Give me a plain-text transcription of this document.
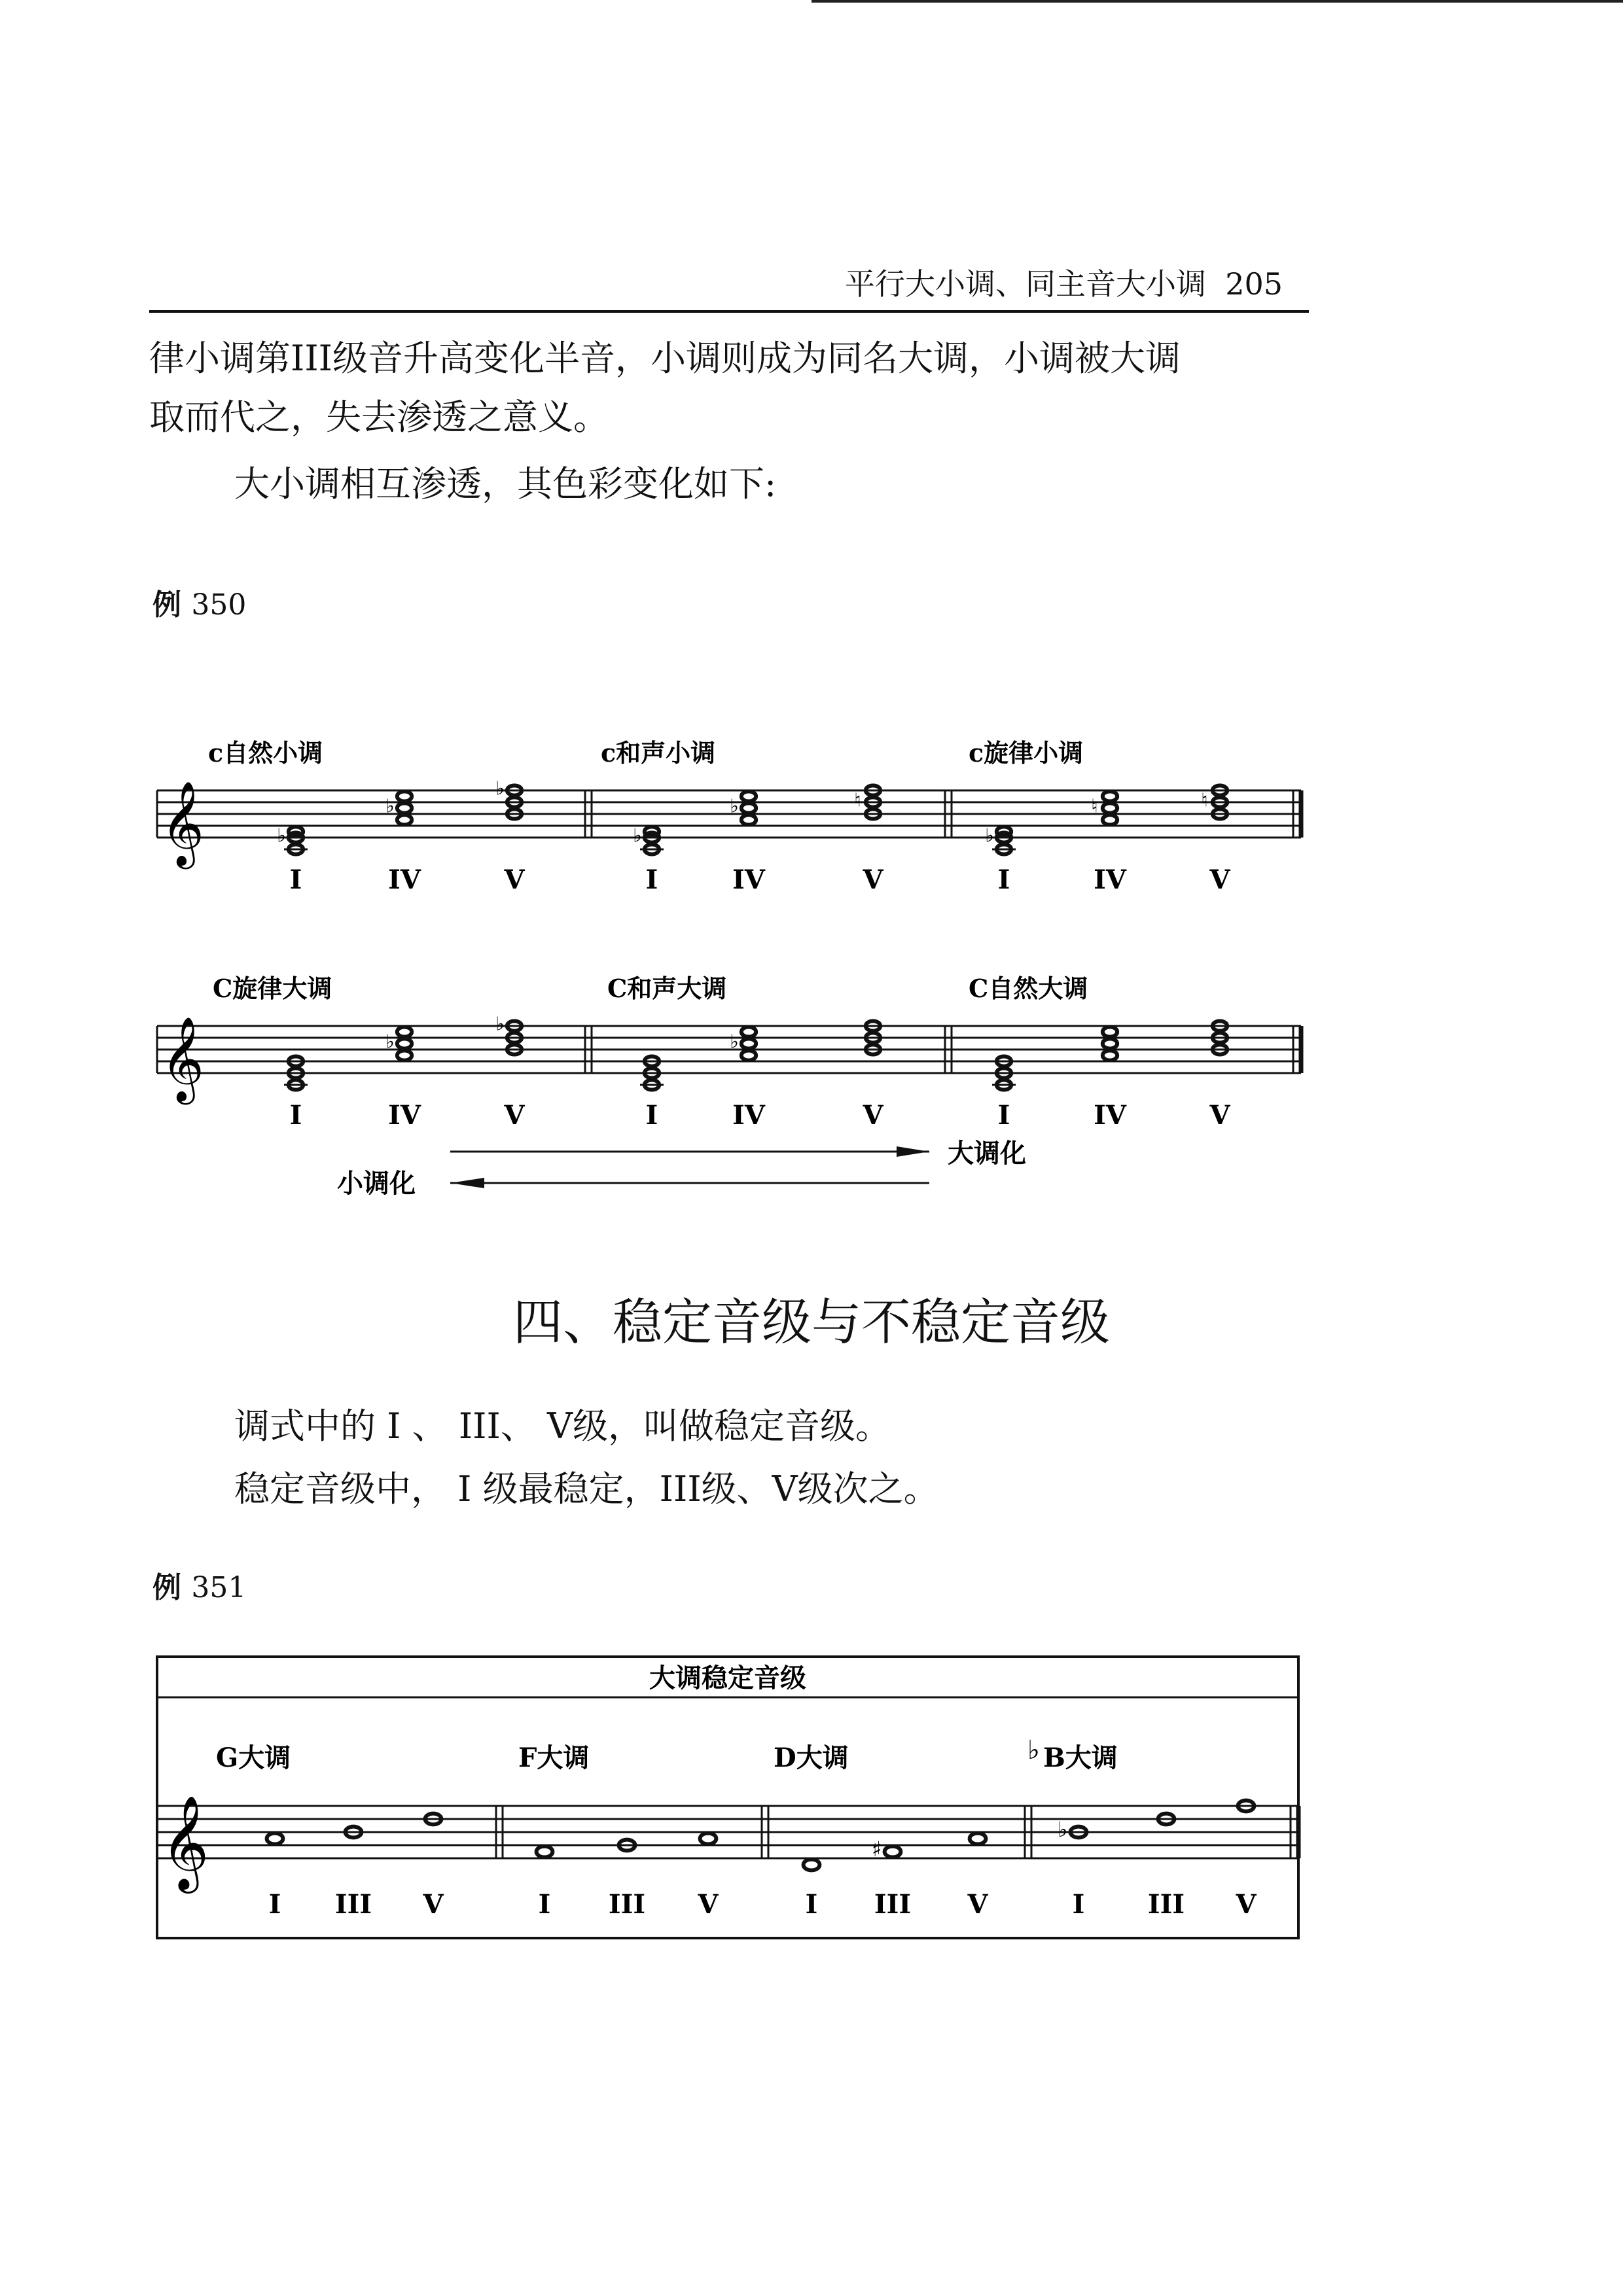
平行大小调、同主音大小调 205
律小调第III级音升高变化半音，小调则成为同名大调，小调被大调
取而代之，失去渗透之意义。
大小调相互渗透，其色彩变化如下:
例 350
c自然小调	c和声小调	c旋律小调
𝄞	♭
♭
♭
♭
♭	♮
♭
♮	♮
I	IV	V	I	IV	V	I	IV	V
C旋律大调	C和声大调	C自然大调
𝄞	♭
♭
♭
I	IV	V	I	IV	V	I	IV	V
大调化
小调化
四、稳定音级与不稳定音级
调式中的 I 、 III、 V级，叫做稳定音级。
稳定音级中， I 级最稳定，III级、V级次之。
例 351
大调稳定音级
G大调	F大调	D大调	♭ B大调
𝄞	♯
♭
I III V	I III V	I III V	I III V
